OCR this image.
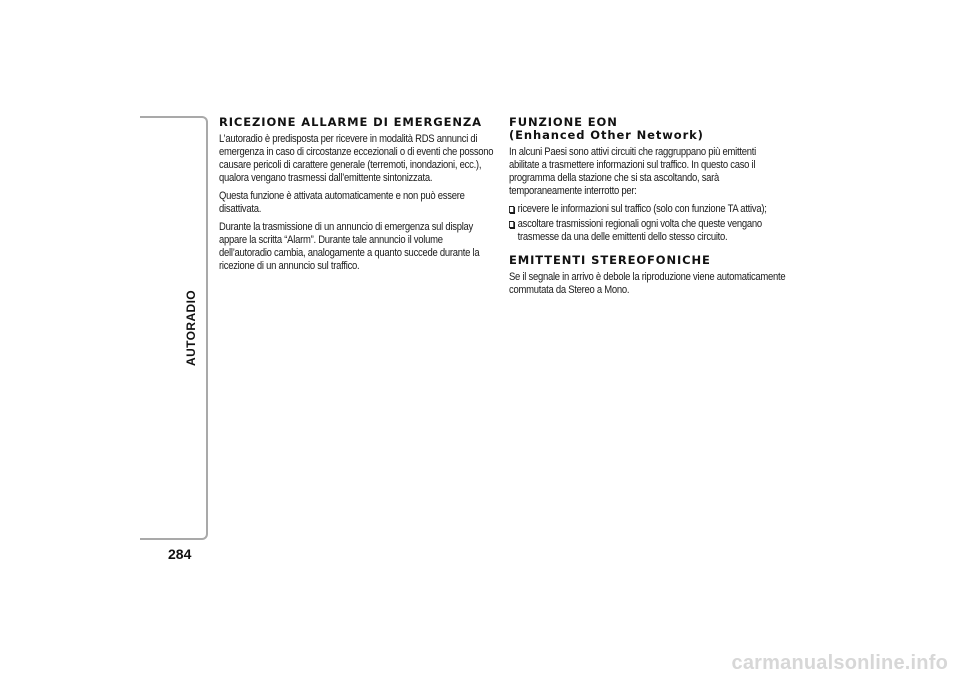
AUTORADIO
284
RICEZIONE ALLARME DI EMERGENZA

L’autoradio è predisposta per ricevere in modalità RDS annunci di emergenza in caso di circostanze eccezionali o di eventi che possono causare pericoli di carattere generale (terremoti, inondazioni, ecc.), qualora vengano trasmessi dall’emittente sintonizzata.

Questa funzione è attivata automaticamente e non può essere disattivata.

Durante la trasmissione di un annuncio di emergenza sul display appare la scritta “Alarm”. Durante tale annuncio il volume dell’autoradio cambia, analogamente a quanto succede durante la ricezione di un annuncio sul traffico.

FUNZIONE EON
(Enhanced Other Network)

In alcuni Paesi sono attivi circuiti che raggruppano più emittenti abilitate a trasmettere informazioni sul traffico. In questo caso il programma della stazione che si sta ascoltando, sarà temporaneamente interrotto per:

ricevere le informazioni sul traffico (solo con funzione TA attiva);
ascoltare trasmissioni regionali ogni volta che queste vengano trasmesse da una delle emittenti dello stesso circuito.
EMITTENTI STEREOFONICHE

Se il segnale in arrivo è debole la riproduzione viene automaticamente commutata da Stereo a Mono.

carmanualsonline.info
